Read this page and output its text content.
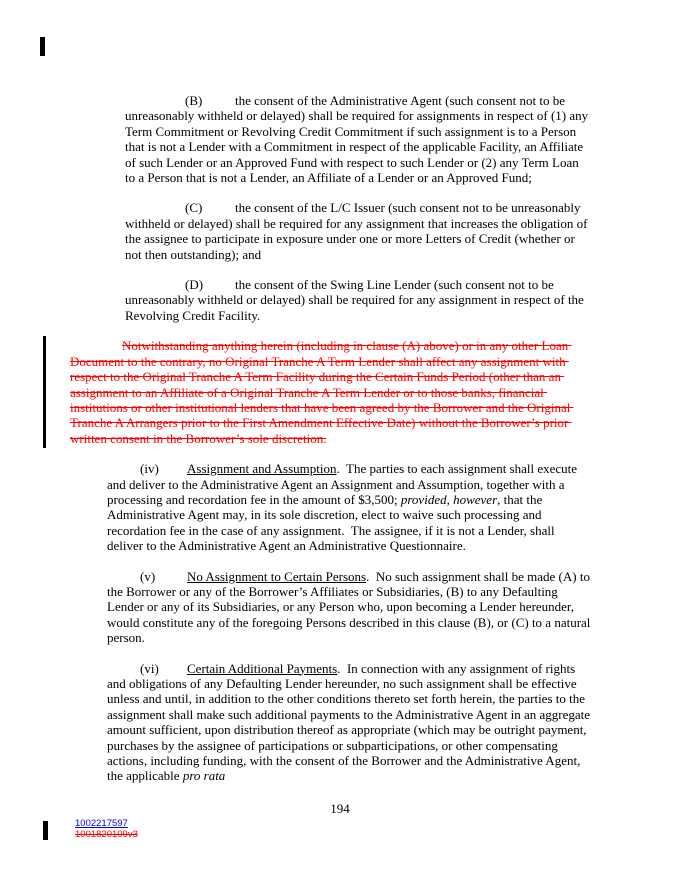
(B)	the consent of the Administrative Agent (such consent not to be unreasonably withheld or delayed) shall be required for assignments in respect of (1) any Term Commitment or Revolving Credit Commitment if such assignment is to a Person that is not a Lender with a Commitment in respect of the applicable Facility, an Affiliate of such Lender or an Approved Fund with respect to such Lender or (2) any Term Loan to a Person that is not a Lender, an Affiliate of a Lender or an Approved Fund;

(C)	the consent of the L/C Issuer (such consent not to be unreasonably withheld or delayed) shall be required for any assignment that increases the obligation of the assignee to participate in exposure under one or more Letters of Credit (whether or not then outstanding); and

(D) the consent of the Swing Line Lender (such consent not to be unreasonably withheld or delayed) shall be required for any assignment in respect of the Revolving Credit Facility.

Notwithstanding anything herein (including in clause (A) above) or in any other Loan Document to the contrary, no Original Tranche A Term Lender shall affect any assignment with respect to the Original Tranche A Term Facility during the Certain Funds Period (other than an assignment to an Affiliate of a Original Tranche A Term Lender or to those banks, financial institutions or other institutional lenders that have been agreed by the Borrower and the Original Tranche A Arrangers prior to the First Amendment Effective Date) without the Borrower’s prior written consent in the Borrower’s sole discretion.

(iv) Assignment and Assumption.  The parties to each assignment shall execute and deliver to the Administrative Agent an Assignment and Assumption, together with a processing and recordation fee in the amount of $3,500; provided, however, that the Administrative Agent may, in its sole discretion, elect to waive such processing and recordation fee in the case of any assignment.  The assignee, if it is not a Lender, shall deliver to the Administrative Agent an Administrative Questionnaire.

(v) No Assignment to Certain Persons.  No such assignment shall be made (A) to the Borrower or any of the Borrower’s Affiliates or Subsidiaries, (B) to any Defaulting Lender or any of its Subsidiaries, or any Person who, upon becoming a Lender hereunder, would constitute any of the foregoing Persons described in this clause (B), or (C) to a natural person.

(vi) Certain Additional Payments.  In connection with any assignment of rights and obligations of any Defaulting Lender hereunder, no such assignment shall be effective unless and until, in addition to the other conditions thereto set forth herein, the parties to the assignment shall make such additional payments to the Administrative Agent in an aggregate amount sufficient, upon distribution thereof as appropriate (which may be outright payment, purchases by the assignee of participations or subparticipations, or other compensating actions, including funding, with the consent of the Borrower and the Administrative Agent, the applicable pro rata

194
1002217597
1001820109v3
